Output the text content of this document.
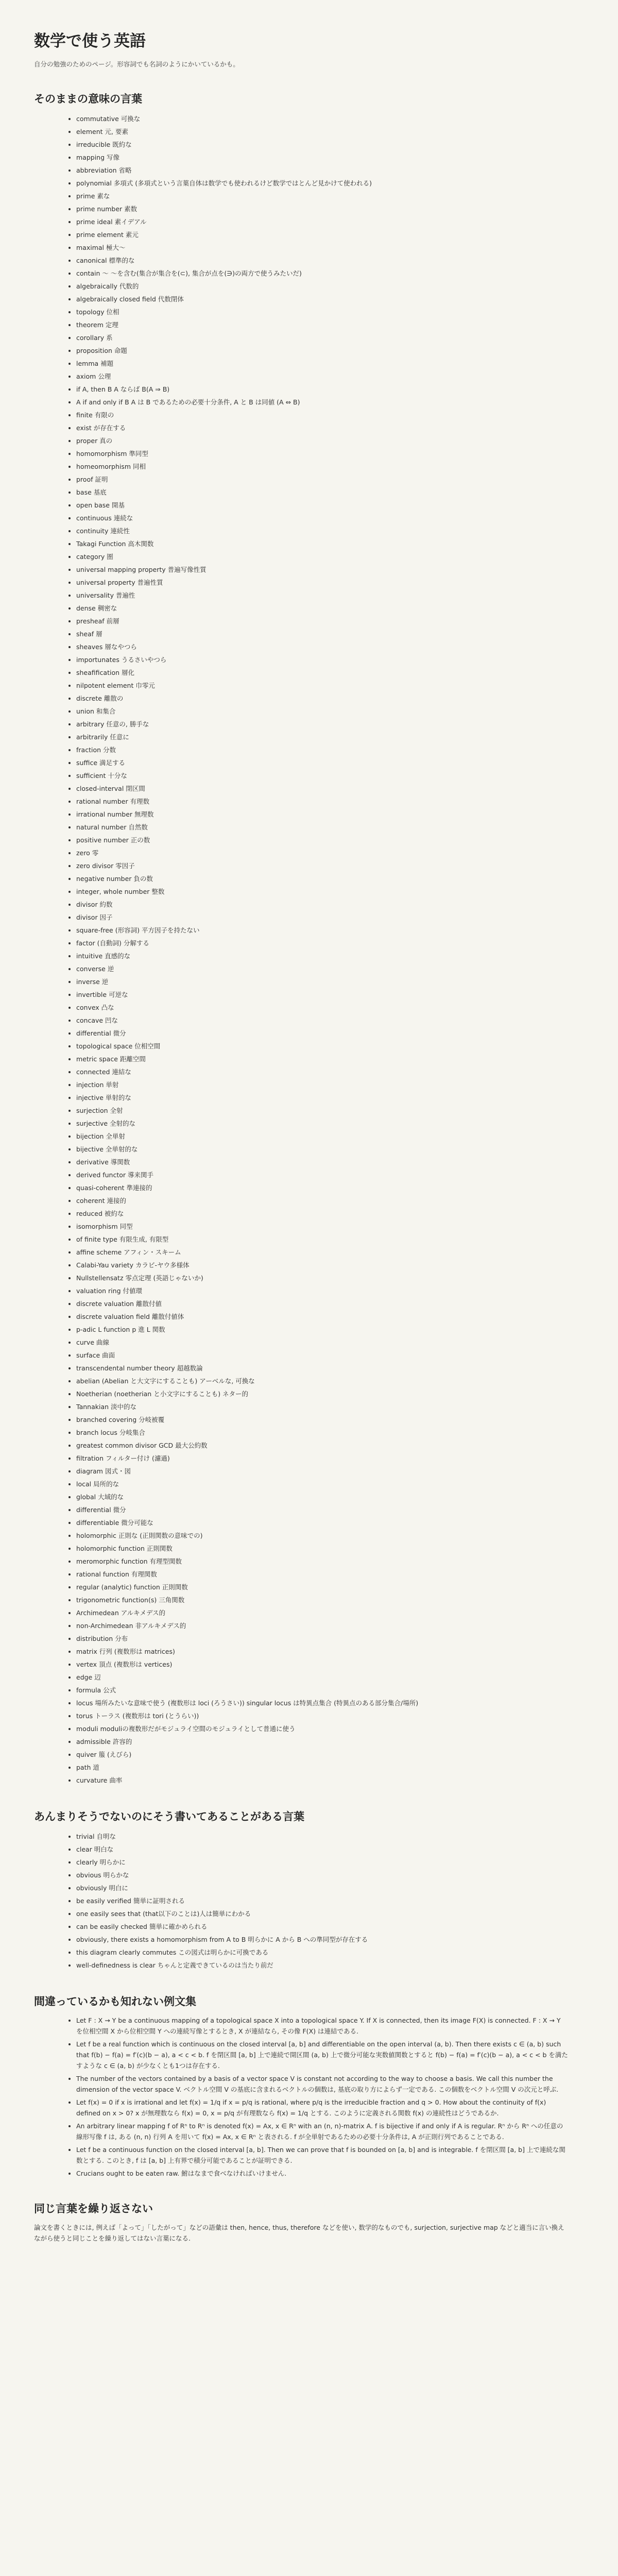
数学で使う英語

自分の勉強のためのページ。形容詞でも名詞のようにかいているかも。

そのままの意味の言葉
• commutative 可換な
• element 元, 要素
• irreducible 既約な
• mapping 写像
• abbreviation 省略
• polynomial 多項式 (多項式という言葉自体は数学でも使われるけど数学ではとんど見かけて使われる)
• prime 素な
• prime number 素数
• prime ideal 素イデアル
• prime element 素元
• maximal 極大～
• canonical 標準的な
• contain ～ ～を含む(集合が集合を(⊂), 集合が点を(∋)の両方で使うみたいだ)
• algebraically 代数的
• algebraically closed field 代数閉体
• topology 位相
• theorem 定理
• corollary 系
• proposition 命題
• lemma 補題
• axiom 公理
• if A, then B A ならば B(A ⇒ B)
• A if and only if B A は B であるための必要十分条件, A と B は同値 (A ⇔ B)
• finite 有限の
• exist が存在する
• proper 真の
• homomorphism 準同型
• homeomorphism 同相
• proof 証明
• base 基底
• open base 開基
• continuous 連続な
• continuity 連続性
• Takagi Function 高木関数
• category 圏
• universal mapping property 普遍写像性質
• universal property 普遍性質
• universality 普遍性
• dense 稠密な
• presheaf 前層
• sheaf 層
• sheaves 層なやつら
• importunates うるさいやつら
• sheafification 層化
• nilpotent element 巾零元
• discrete 離散の
• union 和集合
• arbitrary 任意の, 勝手な
• arbitrarily 任意に
• fraction 分数
• suffice 満足する
• sufficient 十分な
• closed-interval 閉区間
• rational number 有理数
• irrational number 無理数
• natural number 自然数
• positive number 正の数
• zero 零
• zero divisor 零因子
• negative number 負の数
• integer, whole number 整数
• divisor 約数
• divisor 因子
• square-free (形容詞) 平方因子を持たない
• factor (自動詞) 分解する
• intuitive 直感的な
• converse 逆
• inverse 逆
• invertible 可逆な
• convex 凸な
• concave 凹な
• differential 微分
• topological space 位相空間
• metric space 距離空間
• connected 連結な
• injection 単射
• injective 単射的な
• surjection 全射
• surjective 全射的な
• bijection 全単射
• bijective 全単射的な
• derivative 導関数
• derived functor 導来関手
• quasi-coherent 準連接的
• coherent 連接的
• reduced 被約な
• isomorphism 同型
• of finite type 有限生成, 有限型
• affine scheme アフィン・スキーム
• Calabi-Yau variety カラビ-ヤウ多様体
• Nullstellensatz 零点定理 (英語じゃないか)
• valuation ring 付値環
• discrete valuation 離散付値
• discrete valuation field 離散付値体
• p-adic L function p 進 L 関数
• curve 曲線
• surface 曲面
• transcendental number theory 超越数論
• abelian (Abelian と大文字にすることも) アーベルな, 可換な
• Noetherian (noetherian と小文字にすることも) ネター的
• Tannakian 淡中的な
• branched covering 分岐被覆
• branch locus 分岐集合
• greatest common divisor GCD 最大公約数
• filtration フィルター付け (濾過)
• diagram 図式・図
• local 局所的な
• global 大域的な
• differential 微分
• differentiable 微分可能な
• holomorphic 正則な (正則関数の意味での)
• holomorphic function 正則関数
• meromorphic function 有理型関数
• rational function 有理関数
• regular (analytic) function 正則関数
• trigonometric function(s) 三角関数
• Archimedean アルキメデス的
• non-Archimedean 非アルキメデス的
• distribution 分布
• matrix 行列 (複数形は matrices)
• vertex 頂点 (複数形は vertices)
• edge 辺
• formula 公式
• locus 場所みたいな意味で使う (複数形は loci (ろうさい)) singular locus は特異点集合 (特異点のある部分集合/場所)
• torus トーラス (複数形は tori (とうらい))
• moduli moduliの複数形だがモジュライ空間のモジュライとして普通に使う
• admissible 許容的
• quiver 箙 (えびら)
• path 道
• curvature 曲率
あんまりそうでないのにそう書いてあることがある言葉
• trivial 自明な
• clear 明白な
• clearly 明らかに
• obvious 明らかな
• obviously 明白に
• be easily verified 簡単に証明される
• one easily sees that (that以下のことは)人は簡単にわかる
• can be easily checked 簡単に確かめられる
• obviously, there exists a homomorphism from A to B 明らかに A から B への準同型が存在する
• this diagram clearly commutes この図式は明らかに可換である
• well-definedness is clear ちゃんと定義できているのは当たり前だ
間違っているかも知れない例文集
• Let F : X → Y be a continuous mapping of a topological space X into a topological space Y. If X is connected, then its image F(X) is connected. F : X → Y を位相空間 X から位相空間 Y への連続写像とするとき, X が連結なら, その像 F(X) は連結である.
• Let f be a real function which is continuous on the closed interval [a, b] and differentiable on the open interval (a, b). Then there exists c ∈ (a, b) such that f(b) − f(a) = f′(c)(b − a), a < c < b. f を閉区間 [a, b] 上で連続で開区間 (a, b) 上で微分可能な実数値関数とすると f(b) − f(a) = f′(c)(b − a), a < c < b を満たすような c ∈ (a, b) が少なくとも1つは存在する.
• The number of the vectors contained by a basis of a vector space V is constant not according to the way to choose a basis. We call this number the dimension of the vector space V. ベクトル空間 V の基底に含まれるベクトルの個数は, 基底の取り方によらず一定である. この個数をベクトル空間 V の次元と呼ぶ.
• Let f(x) = 0 if x is irrational and let f(x) = 1/q if x = p/q is rational, where p/q is the irreducible fraction and q > 0. How about the continuity of f(x) defined on x > 0? x が無理数なら f(x) = 0, x = p/q が有理数なら f(x) = 1/q とする. このように定義される関数 f(x) の連続性はどうであるか.
• An arbitrary linear mapping f of Rⁿ to Rⁿ is denoted f(x) = Ax, x ∈ Rⁿ with an (n, n)-matrix A. f is bijective if and only if A is regular. Rⁿ から Rⁿ への任意の線形写像 f は, ある (n, n) 行列 A を用いて f(x) = Ax, x ∈ Rⁿ と表される. f が全単射であるための必要十分条件は, A が正則行列であることである.
• Let f be a continuous function on the closed interval [a, b]. Then we can prove that f is bounded on [a, b] and is integrable. f を閉区間 [a, b] 上で連続な関数とする. このとき, f は [a, b] 上有界で積分可能であることが証明できる.
• Crucians ought to be eaten raw. 鮒はなまで食べなければいけません.
同じ言葉を繰り返さない

論文を書くときには, 例えば「よって」「したがって」などの語彙は then, hence, thus, therefore などを使い, 数学的なものでも, surjection, surjective map などと適当に言い換えながら使うと同じことを繰り返してはない言葉になる.
